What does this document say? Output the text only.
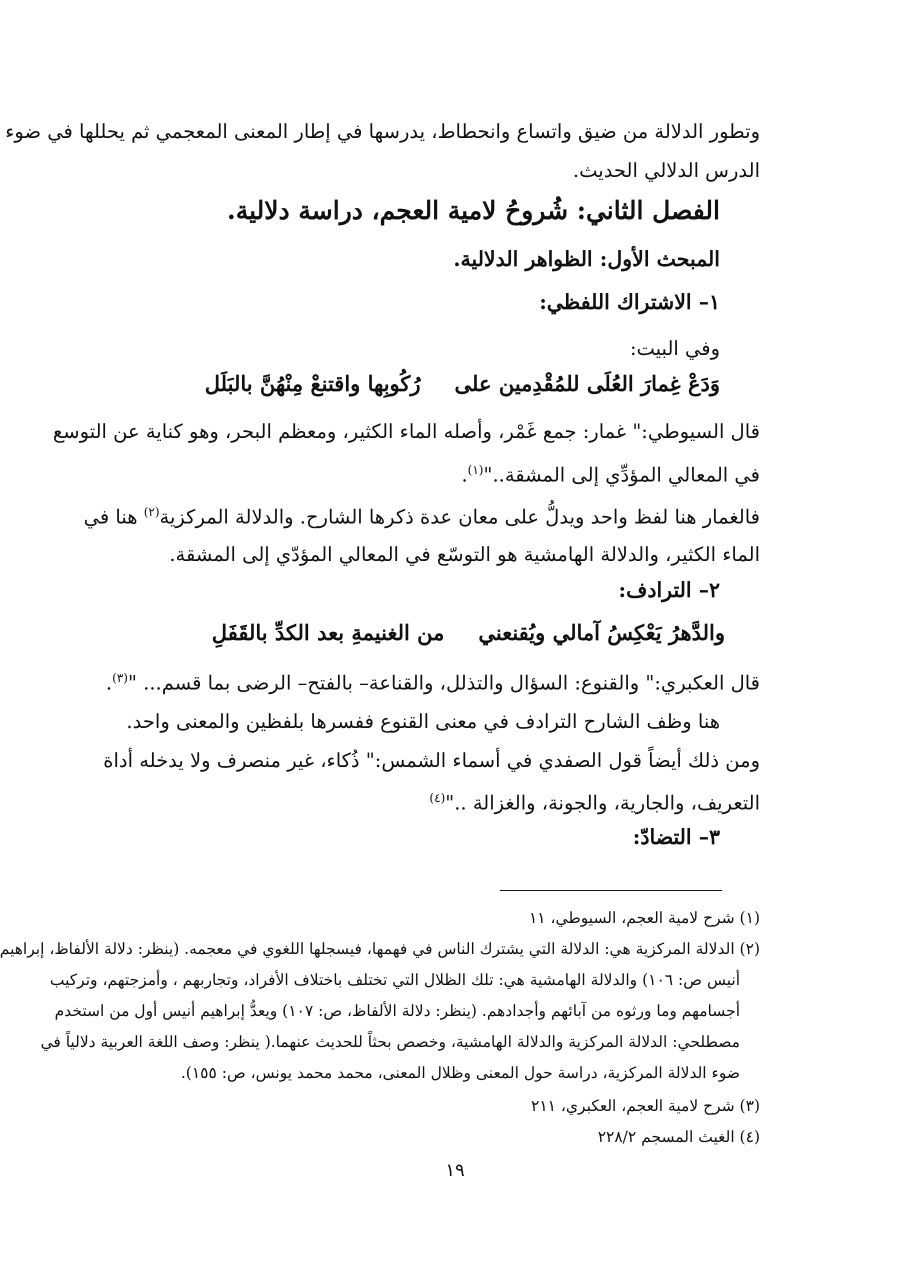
وتطور الدلالة من ضيق واتساع وانحطاط، يدرسها في إطار المعنى المعجمي ثم يحللها في ضوء
الدرس الدلالي الحديث.
الفصل الثاني: شُروحُ لامية العجم، دراسة دلالية.
المبحث الأول: الظواهر الدلالية.
١– الاشتراك اللفظي:
وفي البيت:
وَدَعْ غِمارَ العُلَى للمُقْدِمين على
رُكُوبِها واقتنعْ مِنْهُنَّ بالبَلَل
قال السيوطي:" غمار: جمع غَمْر، وأصله الماء الكثير، ومعظم البحر، وهو كناية عن التوسع
في المعالي المؤدِّي إلى المشقة.."$^{(١)}$.
فالغمار هنا لفظ واحد ويدلُّ على معان عدة ذكرها الشارح. والدلالة المركزية$^{(٢)}$ هنا في
الماء الكثير، والدلالة الهامشية هو التوسّع في المعالي المؤدّي إلى المشقة.
٢– الترادف:
والدَّهرُ يَعْكِسُ آمالي ويُقنعني
من الغنيمةِ بعد الكدِّ بالقَفَلِ
قال العكبري:" والقنوع: السؤال والتذلل، والقناعة– بالفتح– الرضى بما قسم... "$^{(٣)}$.
هنا وظف الشارح الترادف في معنى القنوع ففسرها بلفظين والمعنى واحد.
ومن ذلك أيضاً قول الصفدي في أسماء الشمس:" ذُكاء، غير منصرف ولا يدخله أداة
التعريف، والجارية، والجونة، والغزالة .."$^{(٤)}$
٣– التضادّ:
(١) شرح لامية العجم، السيوطي، ١١
(٢) الدلالة المركزية هي: الدلالة التي يشترك الناس في فهمها، فيسجلها اللغوي في معجمه. (ينظر: دلالة الألفاظ، إبراهيم
أنيس ص: ١٠٦) والدلالة الهامشية هي: تلك الظلال التي تختلف باختلاف الأفراد، وتجاربهم ، وأمزجتهم، وتركيب
أجسامهم وما ورثوه من آبائهم وأجدادهم. (ينظر: دلالة الألفاظ، ص: ١٠٧) ويعدُّ إبراهيم أنيس أول من استخدم
مصطلحي: الدلالة المركزية والدلالة الهامشية، وخصص بحثاً للحديث عنهما.( ينظر: وصف اللغة العربية دلالياً في
ضوء الدلالة المركزية، دراسة حول المعنى وظلال المعنى، محمد محمد يونس، ص: ١٥٥).
(٣) شرح لامية العجم، العكبري، ٢١١
(٤) الغيث المسجم ٢٢٨/٢
١٩
